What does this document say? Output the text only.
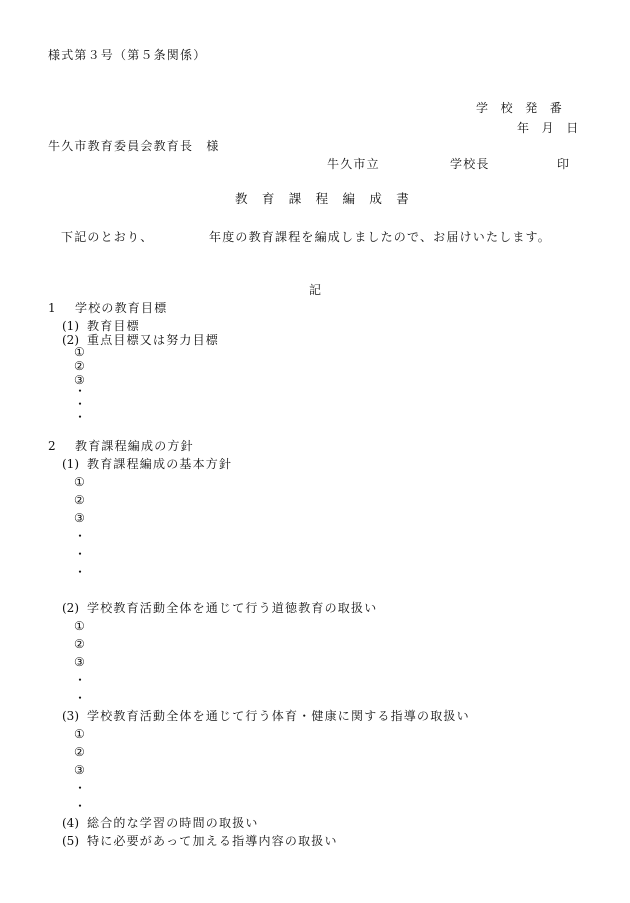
様式第３号（第５条関係）
学校発番
年月日
牛久市教育委員会教育長　様
牛久市立	学校長	印
教育課程編成書
下記のとおり、	年度の教育課程を編成しましたので、お届けいたします。
記
1 学校の教育目標
(1) 教育目標
(2) 重点目標又は努力目標
①
②
③
・
・
・
2 教育課程編成の方針
(1) 教育課程編成の基本方針
①
②
③
・
・
・
(2) 学校教育活動全体を通じて行う道徳教育の取扱い
①
②
③
・
・
(3) 学校教育活動全体を通じて行う体育・健康に関する指導の取扱い
①
②
③
・
・
(4) 総合的な学習の時間の取扱い
(5) 特に必要があって加える指導内容の取扱い
